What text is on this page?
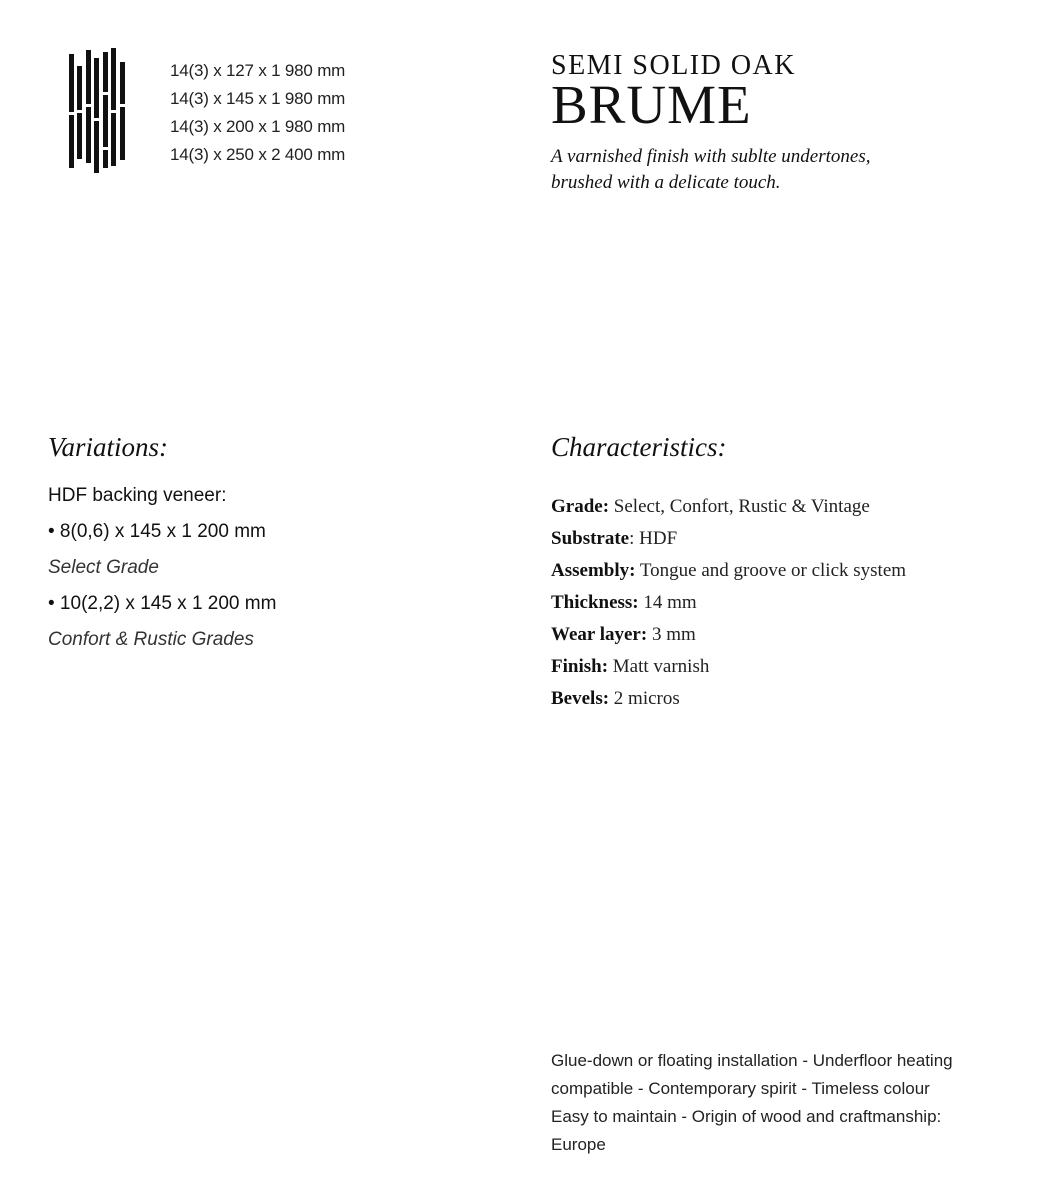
14(3) x 127 x 1 980 mm
14(3) x 145 x 1 980 mm
14(3) x 200 x 1 980 mm
14(3) x 250 x 2 400 mm
SEMI SOLID OAK
BRUME
A varnished finish with sublte undertones,
brushed with a delicate touch.
Variations:	Characteristics:
HDF backing veneer:
• 8(0,6) x 145 x 1 200 mm
Select Grade
• 10(2,2) x 145 x 1 200 mm
Confort & Rustic Grades
Grade: Select, Confort, Rustic & Vintage
Substrate: HDF
Assembly: Tongue and groove or click system
Thickness: 14 mm
Wear layer: 3 mm
Finish: Matt varnish
Bevels: 2 micros
Glue-down or floating installation - Underfloor heating
compatible - Contemporary spirit - Timeless colour
Easy to maintain - Origin of wood and craftmanship:
Europe
